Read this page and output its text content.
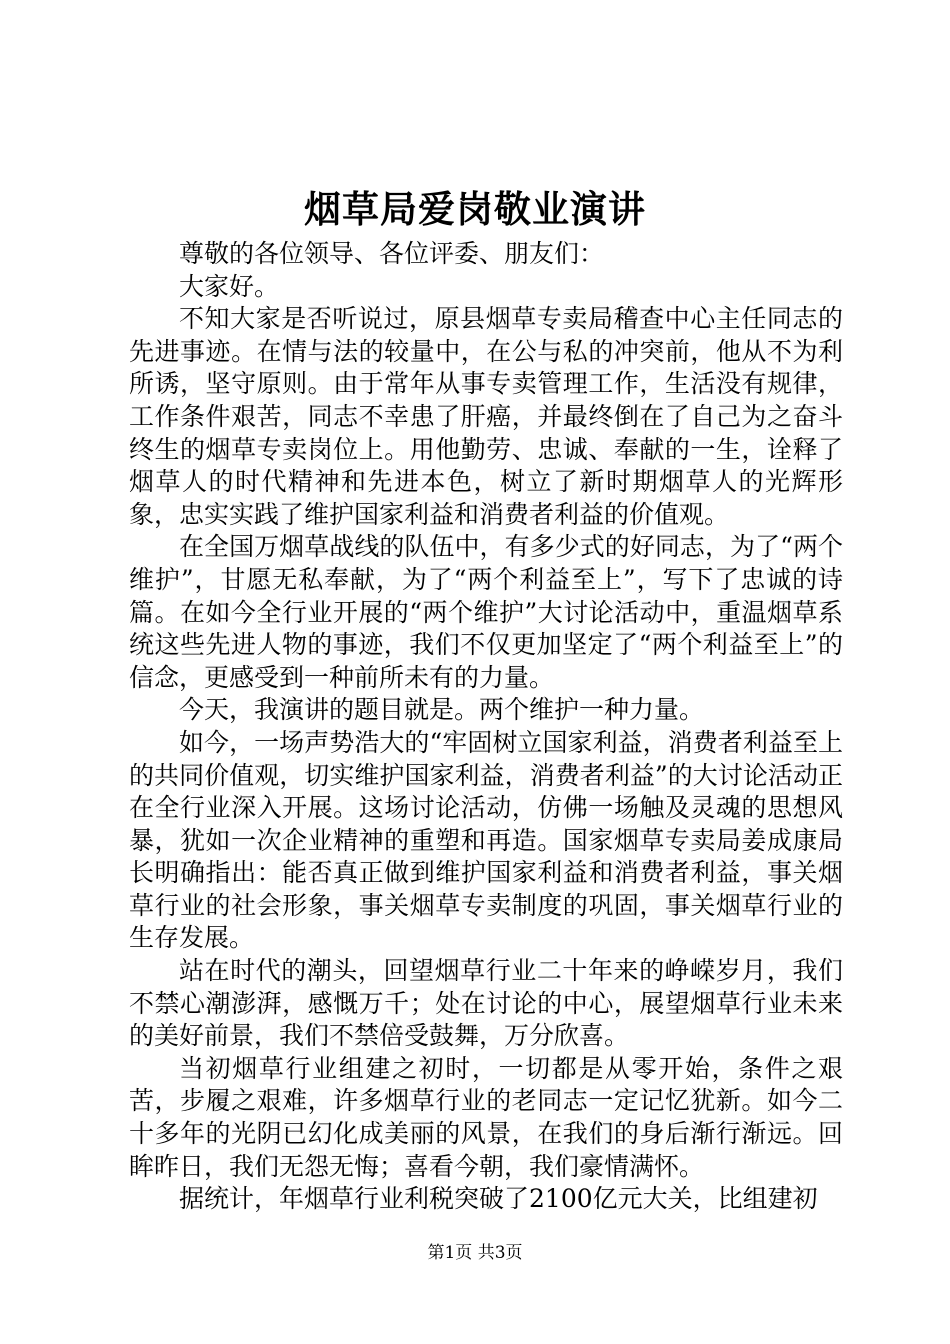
烟草局爱岗敬业演讲

尊敬的各位领导、各位评委、朋友们：

大家好。

不知大家是否听说过，原县烟草专卖局稽查中心主任同志的先进事迹。在情与法的较量中，在公与私的冲突前，他从不为利所诱，坚守原则。由于常年从事专卖管理工作，生活没有规律，工作条件艰苦，同志不幸患了肝癌，并最终倒在了自己为之奋斗终生的烟草专卖岗位上。用他勤劳、忠诚、奉献的一生，诠释了烟草人的时代精神和先进本色，树立了新时期烟草人的光辉形象，忠实实践了维护国家利益和消费者利益的价值观。

在全国万烟草战线的队伍中，有多少式的好同志，为了“两个维护”，甘愿无私奉献，为了“两个利益至上”，写下了忠诚的诗篇。在如今全行业开展的“两个维护”大讨论活动中，重温烟草系统这些先进人物的事迹，我们不仅更加坚定了“两个利益至上”的信念，更感受到一种前所未有的力量。

今天，我演讲的题目就是。两个维护一种力量。

如今，一场声势浩大的“牢固树立国家利益，消费者利益至上的共同价值观，切实维护国家利益，消费者利益”的大讨论活动正在全行业深入开展。这场讨论活动，仿佛一场触及灵魂的思想风暴，犹如一次企业精神的重塑和再造。国家烟草专卖局姜成康局长明确指出：能否真正做到维护国家利益和消费者利益，事关烟草行业的社会形象，事关烟草专卖制度的巩固，事关烟草行业的生存发展。

站在时代的潮头，回望烟草行业二十年来的峥嵘岁月，我们不禁心潮澎湃，感慨万千；处在讨论的中心，展望烟草行业未来的美好前景，我们不禁倍受鼓舞，万分欣喜。

当初烟草行业组建之初时，一切都是从零开始，条件之艰苦，步履之艰难，许多烟草行业的老同志一定记忆犹新。如今二十多年的光阴已幻化成美丽的风景，在我们的身后渐行渐远。回眸昨日，我们无怨无悔；喜看今朝，我们豪情满怀。

据统计，年烟草行业利税突破了2100亿元大关，比组建初

第1页 共3页
